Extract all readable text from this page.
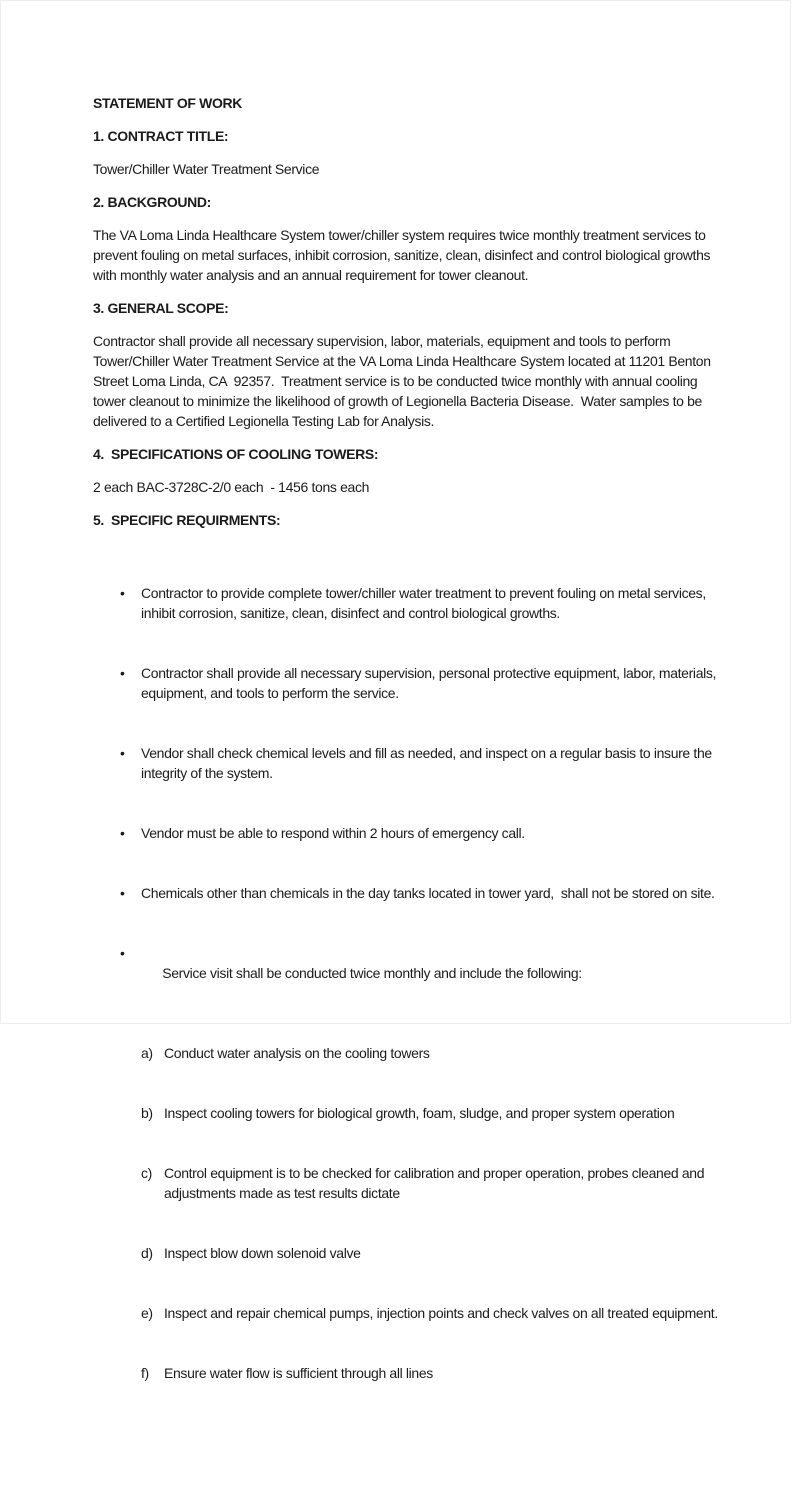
STATEMENT OF WORK
1. CONTRACT TITLE:

Tower/Chiller Water Treatment Service

2. BACKGROUND:

The VA Loma Linda Healthcare System tower/chiller system requires twice monthly treatment services to prevent fouling on metal surfaces, inhibit corrosion, sanitize, clean, disinfect and control biological growths with monthly water analysis and an annual requirement for tower cleanout.

3. GENERAL SCOPE:

Contractor shall provide all necessary supervision, labor, materials, equipment and tools to perform Tower/Chiller Water Treatment Service at the VA Loma Linda Healthcare System located at 11201 Benton Street Loma Linda, CA  92357.  Treatment service is to be conducted twice monthly with annual cooling tower cleanout to minimize the likelihood of growth of Legionella Bacteria Disease.  Water samples to be delivered to a Certified Legionella Testing Lab for Analysis.

4.  SPECIFICATIONS OF COOLING TOWERS:

2 each BAC-3728C-2/0 each  - 1456 tons each

5.  SPECIFIC REQUIRMENTS:

• Contractor to provide complete tower/chiller water treatment to prevent fouling on metal services, inhibit corrosion, sanitize, clean, disinfect and control biological growths.

• Contractor shall provide all necessary supervision, personal protective equipment, labor, materials, equipment, and tools to perform the service.

• Vendor shall check chemical levels and fill as needed, and inspect on a regular basis to insure the integrity of the system.

• Vendor must be able to respond within 2 hours of emergency call.

• Chemicals other than chemicals in the day tanks located in tower yard,  shall not be stored on site.

• Service visit shall be conducted twice monthly and include the following:

a) Conduct water analysis on the cooling towers

b) Inspect cooling towers for biological growth, foam, sludge, and proper system operation

c) Control equipment is to be checked for calibration and proper operation, probes cleaned and adjustments made as test results dictate

d) Inspect blow down solenoid valve

e) Inspect and repair chemical pumps, injection points and check valves on all treated equipment.

f)	Ensure water flow is sufficient through all lines
